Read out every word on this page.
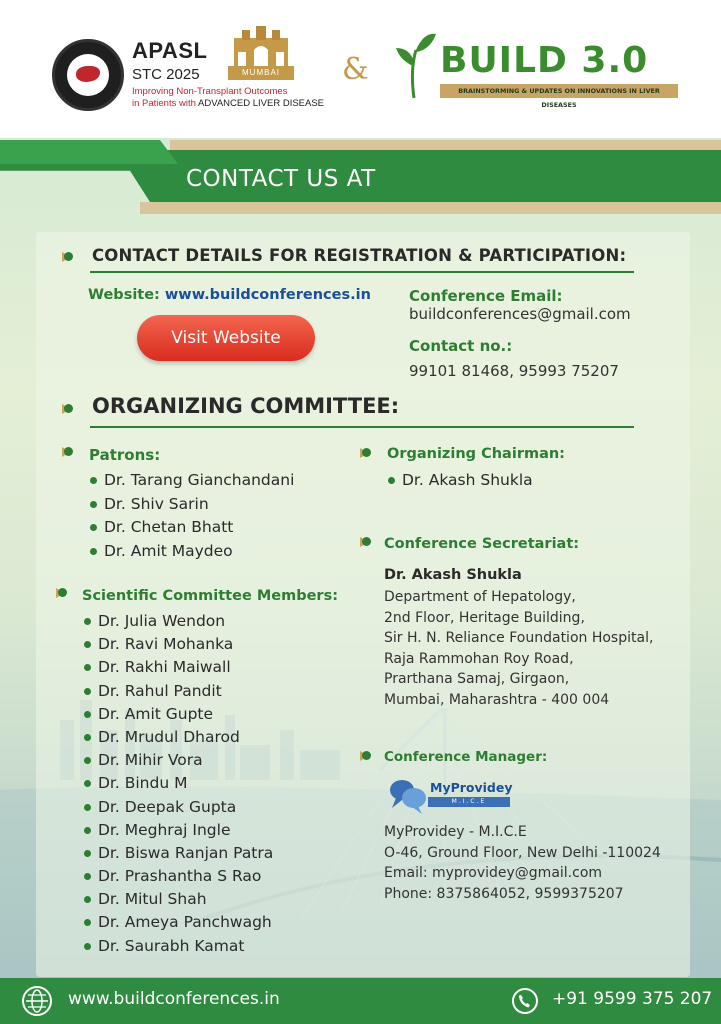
APASL
STC 2025
Improving Non-Transplant Outcomes
in Patients with ADVANCED LIVER DISEASE
MUMBAI	& BUILD 3.0
BRAINSTORMING & UPDATES ON INNOVATIONS IN LIVER DISEASES
CONTACT US AT
CONTACT DETAILS FOR REGISTRATION & PARTICIPATION:
Website: www.buildconferences.in
Visit Website
Conference Email:
buildconferences@gmail.com
Contact no.:
99101 81468, 95993 75207
ORGANIZING COMMITTEE:
Patrons:
Dr. Tarang Gianchandani
Dr. Shiv Sarin
Dr. Chetan Bhatt
Dr. Amit Maydeo
Scientific Committee Members:
Dr. Julia Wendon
Dr. Ravi Mohanka
Dr. Rakhi Maiwall
Dr. Rahul Pandit
Dr. Amit Gupte
Dr. Mrudul Dharod
Dr. Mihir Vora
Dr. Bindu M
Dr. Deepak Gupta
Dr. Meghraj Ingle
Dr. Biswa Ranjan Patra
Dr. Prashantha S Rao
Dr. Mitul Shah
Dr. Ameya Panchwagh
Dr. Saurabh Kamat
Organizing Chairman:
Dr. Akash Shukla
Conference Secretariat:
Dr. Akash Shukla
Department of Hepatology,
2nd Floor, Heritage Building,
Sir H. N. Reliance Foundation Hospital,
Raja Rammohan Roy Road,
Prarthana Samaj, Girgaon,
Mumbai, Maharashtra - 400 004
Conference Manager:
MyProvidey
M.I.C.E
MyProvidey - M.I.C.E
O-46, Ground Floor, New Delhi -110024
Email: myprovidey@gmail.com
Phone: 8375864052, 9599375207
www.buildconferences.in	+91 9599 375 207
